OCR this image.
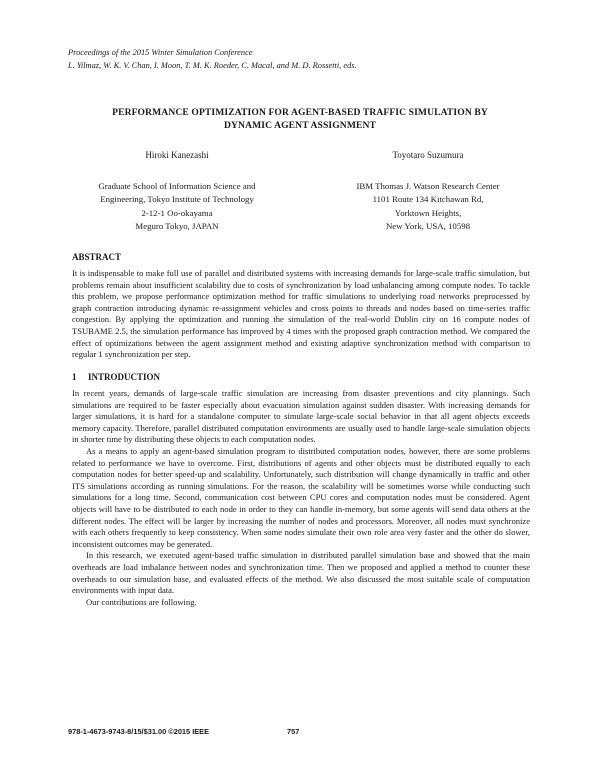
Proceedings of the 2015 Winter Simulation Conference
L. Yilmaz, W. K. V. Chan, I. Moon, T. M. K. Roeder, C. Macal, and M. D. Rossetti, eds.
PERFORMANCE OPTIMIZATION FOR AGENT-BASED TRAFFIC SIMULATION BY
DYNAMIC AGENT ASSIGNMENT
Hiroki Kanezashi	Toyotaro Suzumura
Graduate School of Information Science and
Engineering, Tokyo Institute of Technology
2-12-1 Oo-okayama
Meguro Tokyo, JAPAN
IBM Thomas J. Watson Research Center
1101 Route 134 Kitchawan Rd,
Yorktown Heights,
New York, USA, 10598
ABSTRACT
It is indispensable to make full use of parallel and distributed systems with increasing demands for large-scale traffic simulation, but problems remain about insufficient scalability due to costs of synchronization by load unbalancing among compute nodes. To tackle this problem, we propose performance optimization method for traffic simulations to underlying road networks preprocessed by graph contraction introducing dynamic re-assignment vehicles and cross points to threads and nodes based on time-series traffic congestion. By applying the optimization and running the simulation of the real-world Dublin city on 16 compute nodes of TSUBAME 2.5, the simulation performance has improved by 4 times with the proposed graph contraction method. We compared the effect of optimizations between the agent assignment method and existing adaptive synchronization method with comparison to regular 1 synchronization per step.
1 INTRODUCTION

In recent years, demands of large-scale traffic simulation are increasing from disaster preventions and city plannings. Such simulations are required to be faster especially about evacuation simulation against sudden disaster. With increasing demands for larger simulations, it is hard for a standalone computer to simulate large-scale social behavior in that all agent objects exceeds memory capacity. Therefore, parallel distributed computation environments are usually used to handle large-scale simulation objects in shorter time by distributing these objects to each computation nodes.

As a means to apply an agent-based simulation program to distributed computation nodes, however, there are some problems related to performance we have to overcome. First, distributions of agents and other objects must be distributed equally to each computation nodes for better speed-up and scalability. Unfortunately, such distribution will change dynamically in traffic and other ITS simulations according as running simulations. For the reason, the scalability will be sometimes worse while conducting such simulations for a long time. Second, communication cost between CPU cores and computation nodes must be considered. Agent objects will have to be distributed to each node in order to they can handle in-memory, but some agents will send data others at the different nodes. The effect will be larger by increasing the number of nodes and processors. Moreover, all nodes must synchronize with each others frequently to keep consistency. When some nodes simulate their own role area very faster and the other do slower, inconsistent outcomes may be generated.

In this research, we executed agent-based traffic simulation in distributed parallel simulation base and showed that the main overheads are load imbalance between nodes and synchronization time. Then we proposed and applied a method to counter these overheads to our simulation base, and evaluated effects of the method. We also discussed the most suitable scale of computation environments with input data.

Our contributions are following.

978-1-4673-9743-8/15/$31.00 ©2015 IEEE	757
